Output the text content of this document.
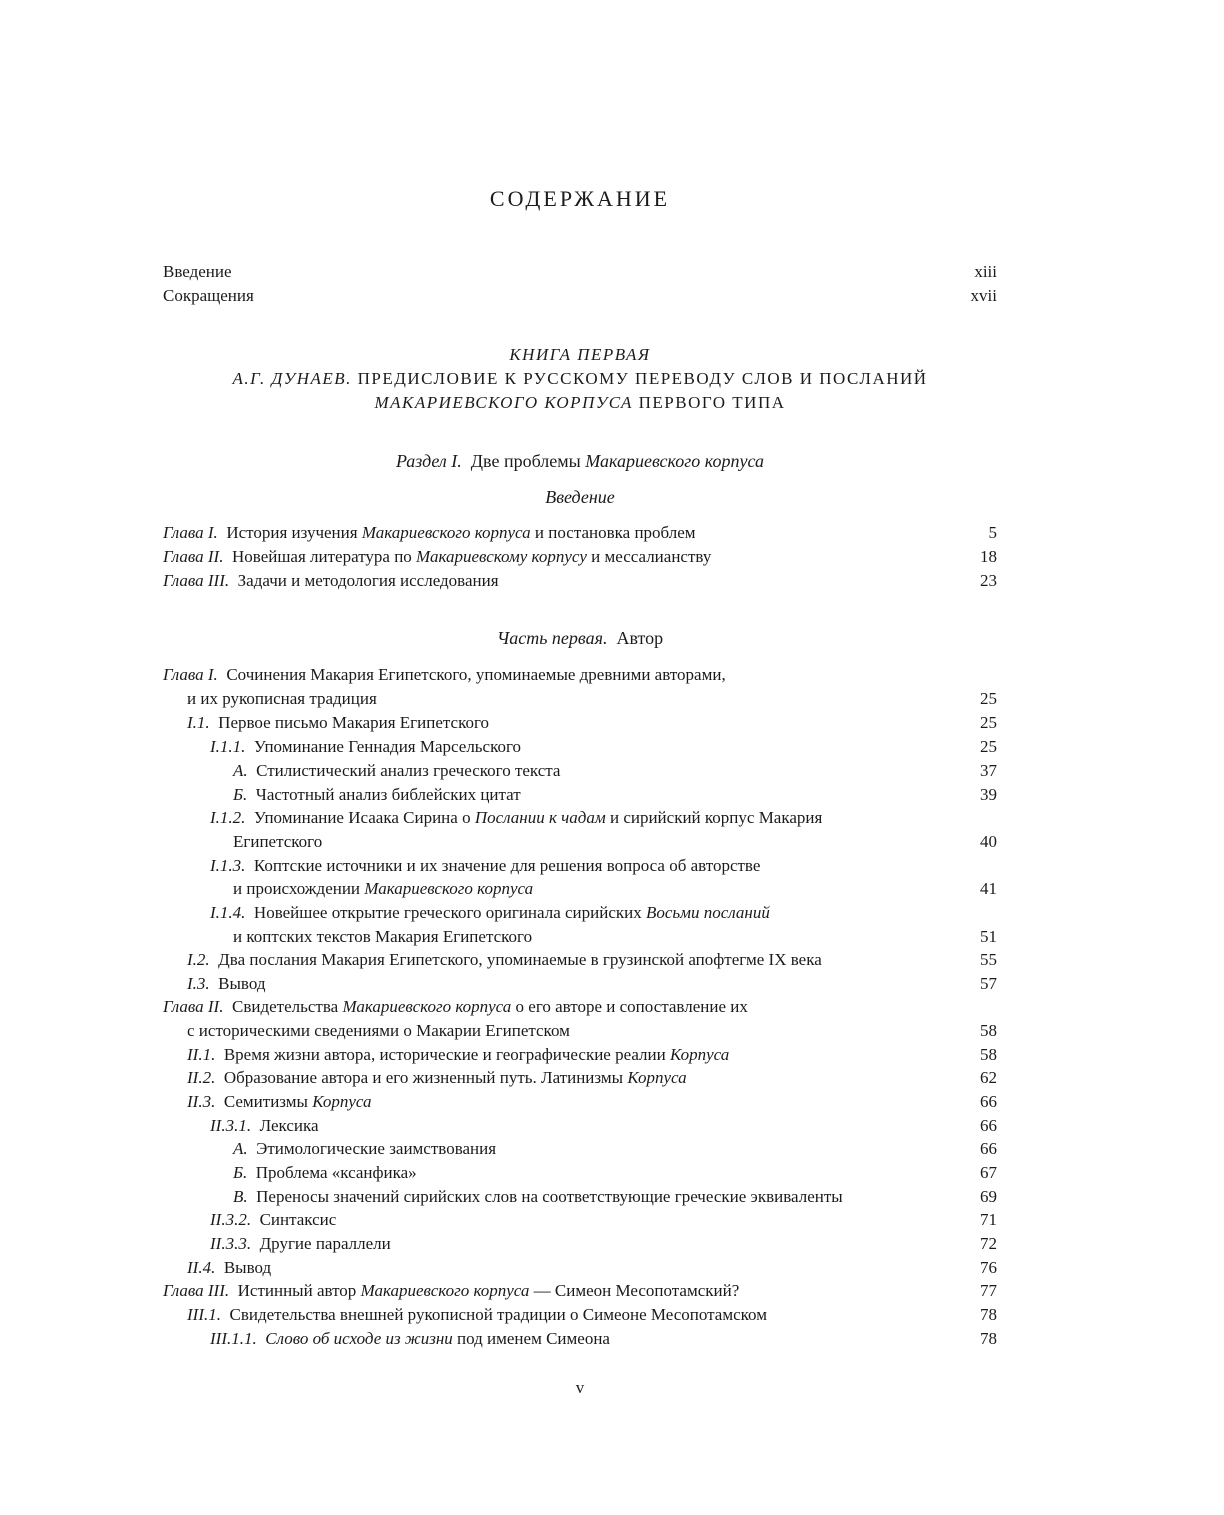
СОДЕРЖАНИЕ
Введение	xiii
Сокращения	xvii
КНИГА ПЕРВАЯ
А.Г. ДУНАЕВ. ПРЕДИСЛОВИЕ К РУССКОМУ ПЕРЕВОДУ СЛОВ И ПОСЛАНИЙ
МАКАРИЕВСКОГО КОРПУСА ПЕРВОГО ТИПА
Раздел I.  Две проблемы Макариевского корпуса
Введение
Часть первая.  Автор
Глава I.  История изучения Макариевского корпуса и постановка проблем	5
Глава II.  Новейшая литература по Макариевскому корпусу и мессалианству	18
Глава III.  Задачи и методология исследования	23
Глава I.  Сочинения Макария Египетского, упоминаемые древними авторами,
и их рукописная традиция	25
I.1.  Первое письмо Макария Египетского	25
I.1.1.  Упоминание Геннадия Марсельского	25
А.  Стилистический анализ греческого текста	37
Б.  Частотный анализ библейских цитат	39
I.1.2.  Упоминание Исаака Сирина о Послании к чадам и сирийский корпус Макария
Египетского	40
I.1.3.  Коптские источники и их значение для решения вопроса об авторстве
и происхождении Макариевского корпуса	41
I.1.4.  Новейшее открытие греческого оригинала сирийских Восьми посланий
и коптских текстов Макария Египетского	51
I.2.  Два послания Макария Египетского, упоминаемые в грузинской апофтегме IX века	55
I.3.  Вывод	57
Глава II.  Свидетельства Макариевского корпуса о его авторе и сопоставление их
с историческими сведениями о Макарии Египетском	58
II.1.  Время жизни автора, исторические и географические реалии Корпуса	58
II.2.  Образование автора и его жизненный путь. Латинизмы Корпуса	62
II.3.  Семитизмы Корпуса	66
II.3.1.  Лексика	66
А.  Этимологические заимствования	66
Б.  Проблема «ксанфика»	67
В.  Переносы значений сирийских слов на соответствующие греческие эквиваленты	69
II.3.2.  Синтаксис	71
II.3.3.  Другие параллели	72
II.4.  Вывод	76
Глава III.  Истинный автор Макариевского корпуса — Симеон Месопотамский?	77
III.1.  Свидетельства внешней рукописной традиции о Симеоне Месопотамском	78
III.1.1. Слово об исходе из жизни под именем Симеона	78
v
